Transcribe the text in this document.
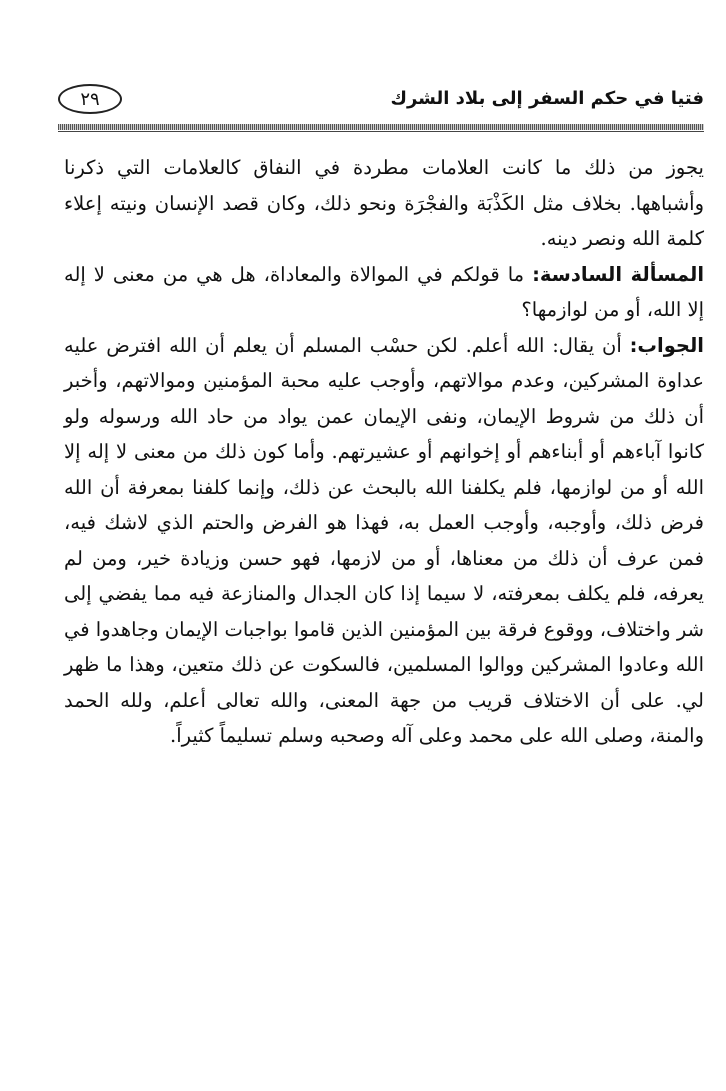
فتيا في حكم السفر إلى بلاد الشرك
٢٩

يجوز من ذلك ما كانت العلامات مطردة في النفاق كالعلامات التي ذكرنا وأشباهها. بخلاف مثل الكَذْبَة والفجْرَة ونحو ذلك، وكان قصد الإنسان ونيته إعلاء كلمة الله ونصر دينه.

المسألة السادسة: ما قولكم في الموالاة والمعاداة، هل هي من معنى لا إله إلا الله، أو من لوازمها؟

الجواب: أن يقال: الله أعلم. لكن حسْب المسلم أن يعلم أن الله افترض عليه عداوة المشركين، وعدم موالاتهم، وأوجب عليه محبة المؤمنين وموالاتهم، وأخبر أن ذلك من شروط الإيمان، ونفى الإيمان عمن يواد من حاد الله ورسوله ولو كانوا آباءهم أو أبناءهم أو إخوانهم أو عشيرتهم. وأما كون ذلك من معنى لا إله إلا الله أو من لوازمها، فلم يكلفنا الله بالبحث عن ذلك، وإنما كلفنا بمعرفة أن الله فرض ذلك، وأوجبه، وأوجب العمل به، فهذا هو الفرض والحتم الذي لاشك فيه، فمن عرف أن ذلك من معناها، أو من لازمها، فهو حسن وزيادة خير، ومن لم يعرفه، فلم يكلف بمعرفته، لا سيما إذا كان الجدال والمنازعة فيه مما يفضي إلى شر واختلاف، ووقوع فرقة بين المؤمنين الذين قاموا بواجبات الإيمان وجاهدوا في الله وعادوا المشركين ووالوا المسلمين، فالسكوت عن ذلك متعين، وهذا ما ظهر لي. على أن الاختلاف قريب من جهة المعنى، والله تعالى أعلم، ولله الحمد والمنة، وصلى الله على محمد وعلى آله وصحبه وسلم تسليماً كثيراً.
